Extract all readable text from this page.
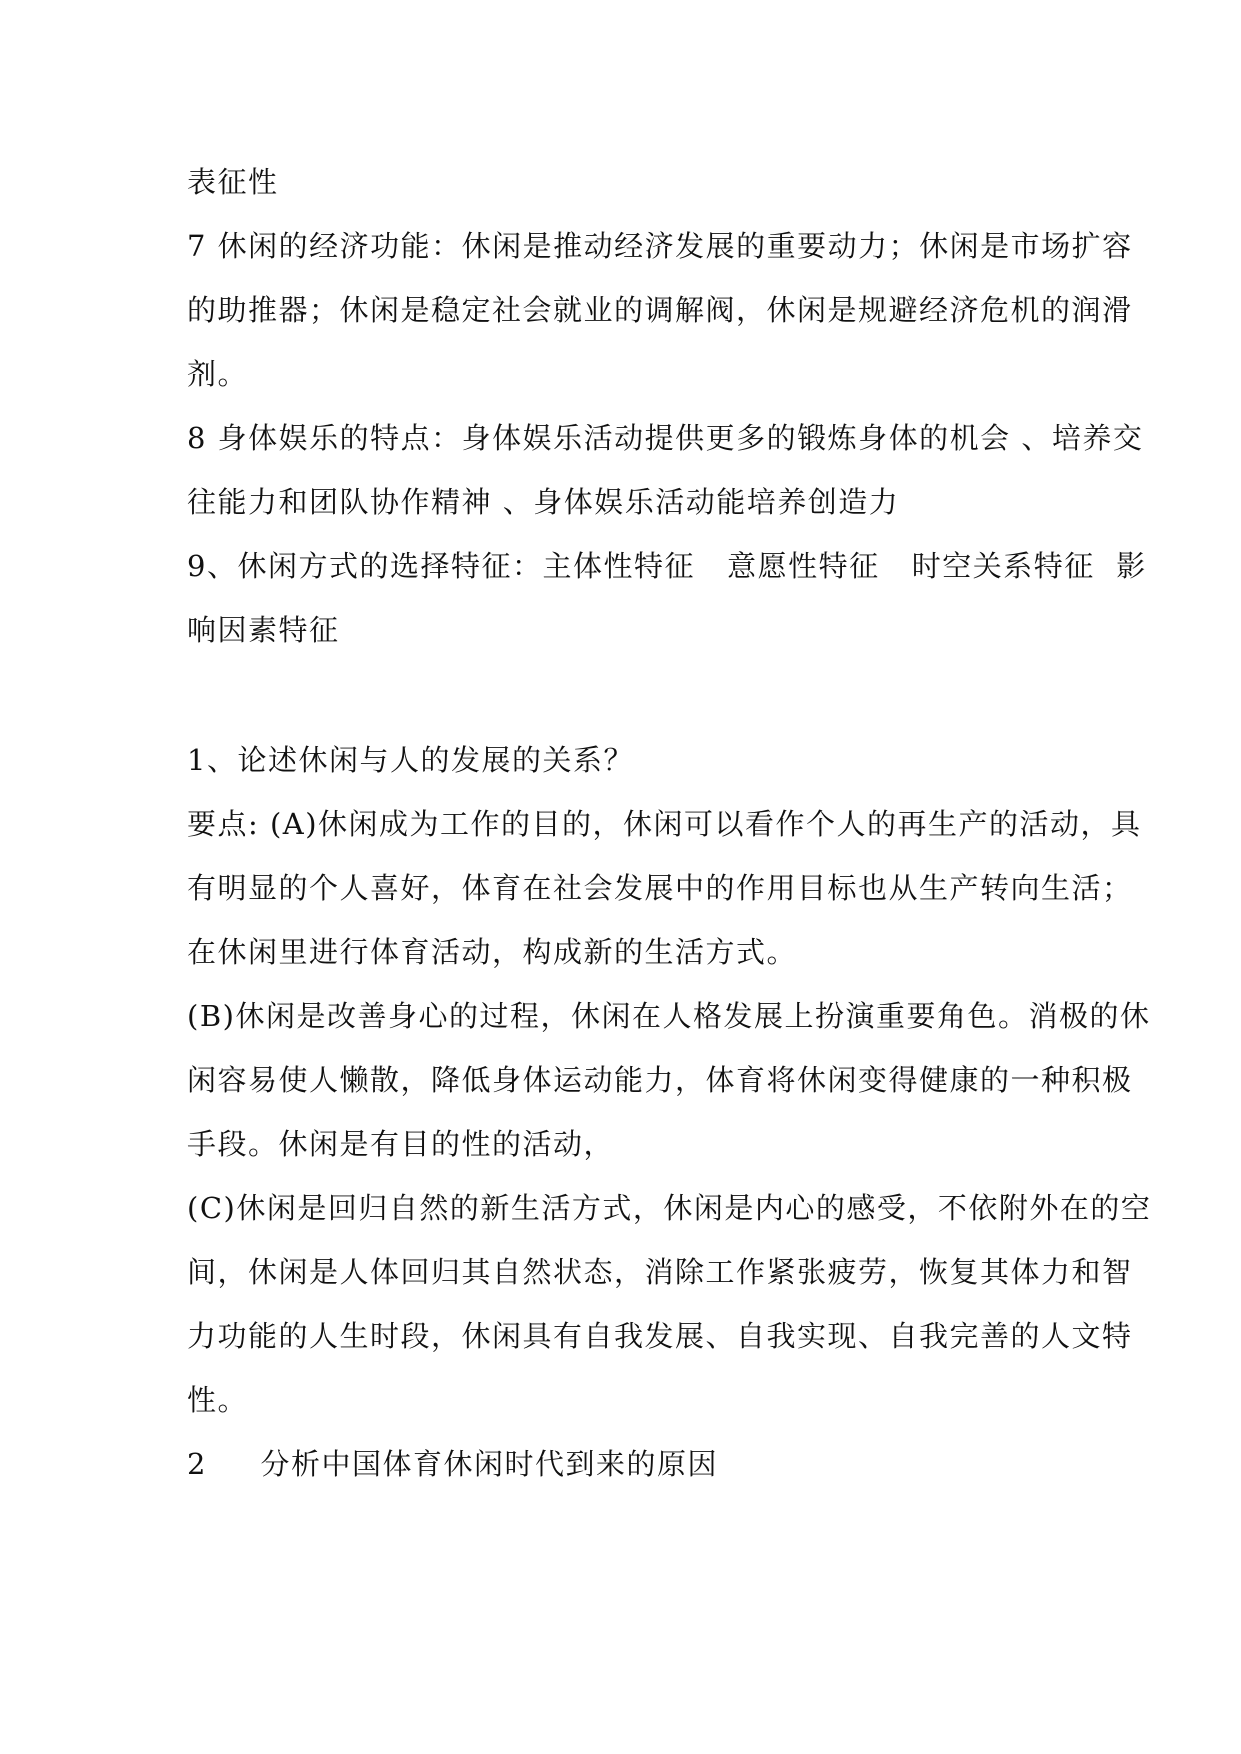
表征性
7 休闲的经济功能：休闲是推动经济发展的重要动力；休闲是市场扩容
的助推器；休闲是稳定社会就业的调解阀，休闲是规避经济危机的润滑
剂。
8 身体娱乐的特点：身体娱乐活动提供更多的锻炼身体的机会 、培养交
往能力和团队协作精神 、身体娱乐活动能培养创造力
9、休闲方式的选择特征：主体性特征   意愿性特征   时空关系特征  影
响因素特征
1、论述休闲与人的发展的关系？
要点: (A)休闲成为工作的目的，休闲可以看作个人的再生产的活动，具
有明显的个人喜好，体育在社会发展中的作用目标也从生产转向生活；
在休闲里进行体育活动，构成新的生活方式。
(B)休闲是改善身心的过程，休闲在人格发展上扮演重要角色。消极的休
闲容易使人懒散，降低身体运动能力，体育将休闲变得健康的一种积极
手段。休闲是有目的性的活动，
(C)休闲是回归自然的新生活方式，休闲是内心的感受，不依附外在的空
间，休闲是人体回归其自然状态，消除工作紧张疲劳，恢复其体力和智
力功能的人生时段，休闲具有自我发展、自我实现、自我完善的人文特
性。
2     分析中国体育休闲时代到来的原因
